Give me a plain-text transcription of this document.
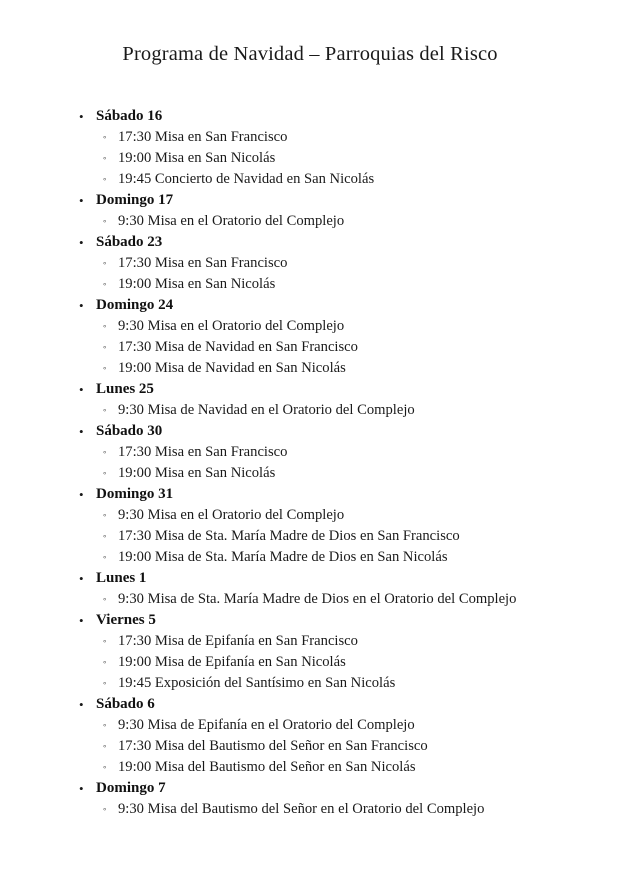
Programa de Navidad – Parroquias del Risco
• Sábado 16
◦ 17:30 Misa en San Francisco
◦ 19:00 Misa en San Nicolás
◦ 19:45 Concierto de Navidad en San Nicolás
• Domingo 17
◦ 9:30 Misa en el Oratorio del Complejo
• Sábado 23
◦ 17:30 Misa en San Francisco
◦ 19:00 Misa en San Nicolás
• Domingo 24
◦ 9:30 Misa en el Oratorio del Complejo
◦ 17:30 Misa de Navidad en San Francisco
◦ 19:00 Misa de Navidad en San Nicolás
• Lunes 25
◦ 9:30 Misa de Navidad en el Oratorio del Complejo
• Sábado 30
◦ 17:30 Misa en San Francisco
◦ 19:00 Misa en San Nicolás
• Domingo 31
◦ 9:30 Misa en el Oratorio del Complejo
◦ 17:30 Misa de Sta. María Madre de Dios en San Francisco
◦ 19:00 Misa de Sta. María Madre de Dios en San Nicolás
• Lunes 1
◦ 9:30 Misa de Sta. María Madre de Dios en el Oratorio del Complejo
• Viernes 5
◦ 17:30 Misa de Epifanía en San Francisco
◦ 19:00 Misa de Epifanía en San Nicolás
◦ 19:45 Exposición del Santísimo en San Nicolás
• Sábado 6
◦ 9:30 Misa de Epifanía en el Oratorio del Complejo
◦ 17:30 Misa del Bautismo del Señor en San Francisco
◦ 19:00 Misa del Bautismo del Señor en San Nicolás
• Domingo 7
◦ 9:30 Misa del Bautismo del Señor en el Oratorio del Complejo
